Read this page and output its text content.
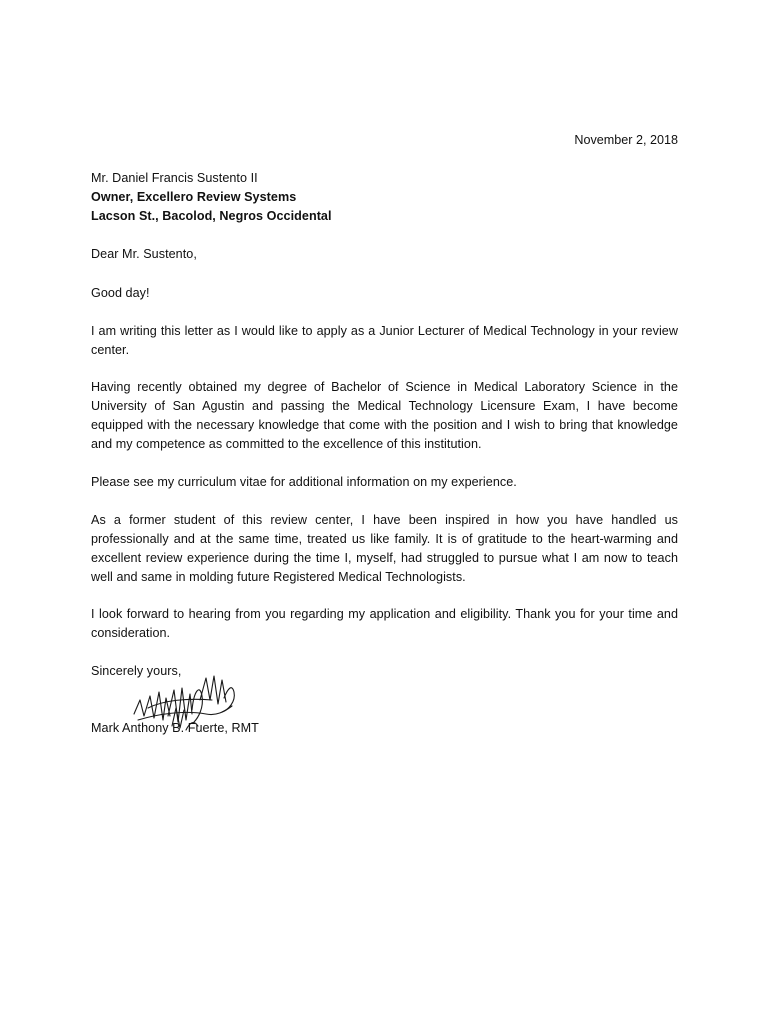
November 2, 2018
Mr. Daniel Francis Sustento II
Owner, Excellero Review Systems
Lacson St., Bacolod, Negros Occidental
Dear Mr. Sustento,
Good day!
I am writing this letter as I would like to apply as a Junior Lecturer of Medical Technology in your review center.
Having recently obtained my degree of Bachelor of Science in Medical Laboratory Science in the University of San Agustin and passing the Medical Technology Licensure Exam, I have become equipped with the necessary knowledge that come with the position and I wish to bring that knowledge and my competence as committed to the excellence of this institution.
Please see my curriculum vitae for additional information on my experience.
As a former student of this review center, I have been inspired in how you have handled us professionally and at the same time, treated us like family. It is of gratitude to the heart-warming and excellent review experience during the time I, myself, had struggled to pursue what I am now to teach well and same in molding future Registered Medical Technologists.
I look forward to hearing from you regarding my application and eligibility. Thank you for your time and consideration.
Sincerely yours,
Mark Anthony B. Fuerte, RMT
